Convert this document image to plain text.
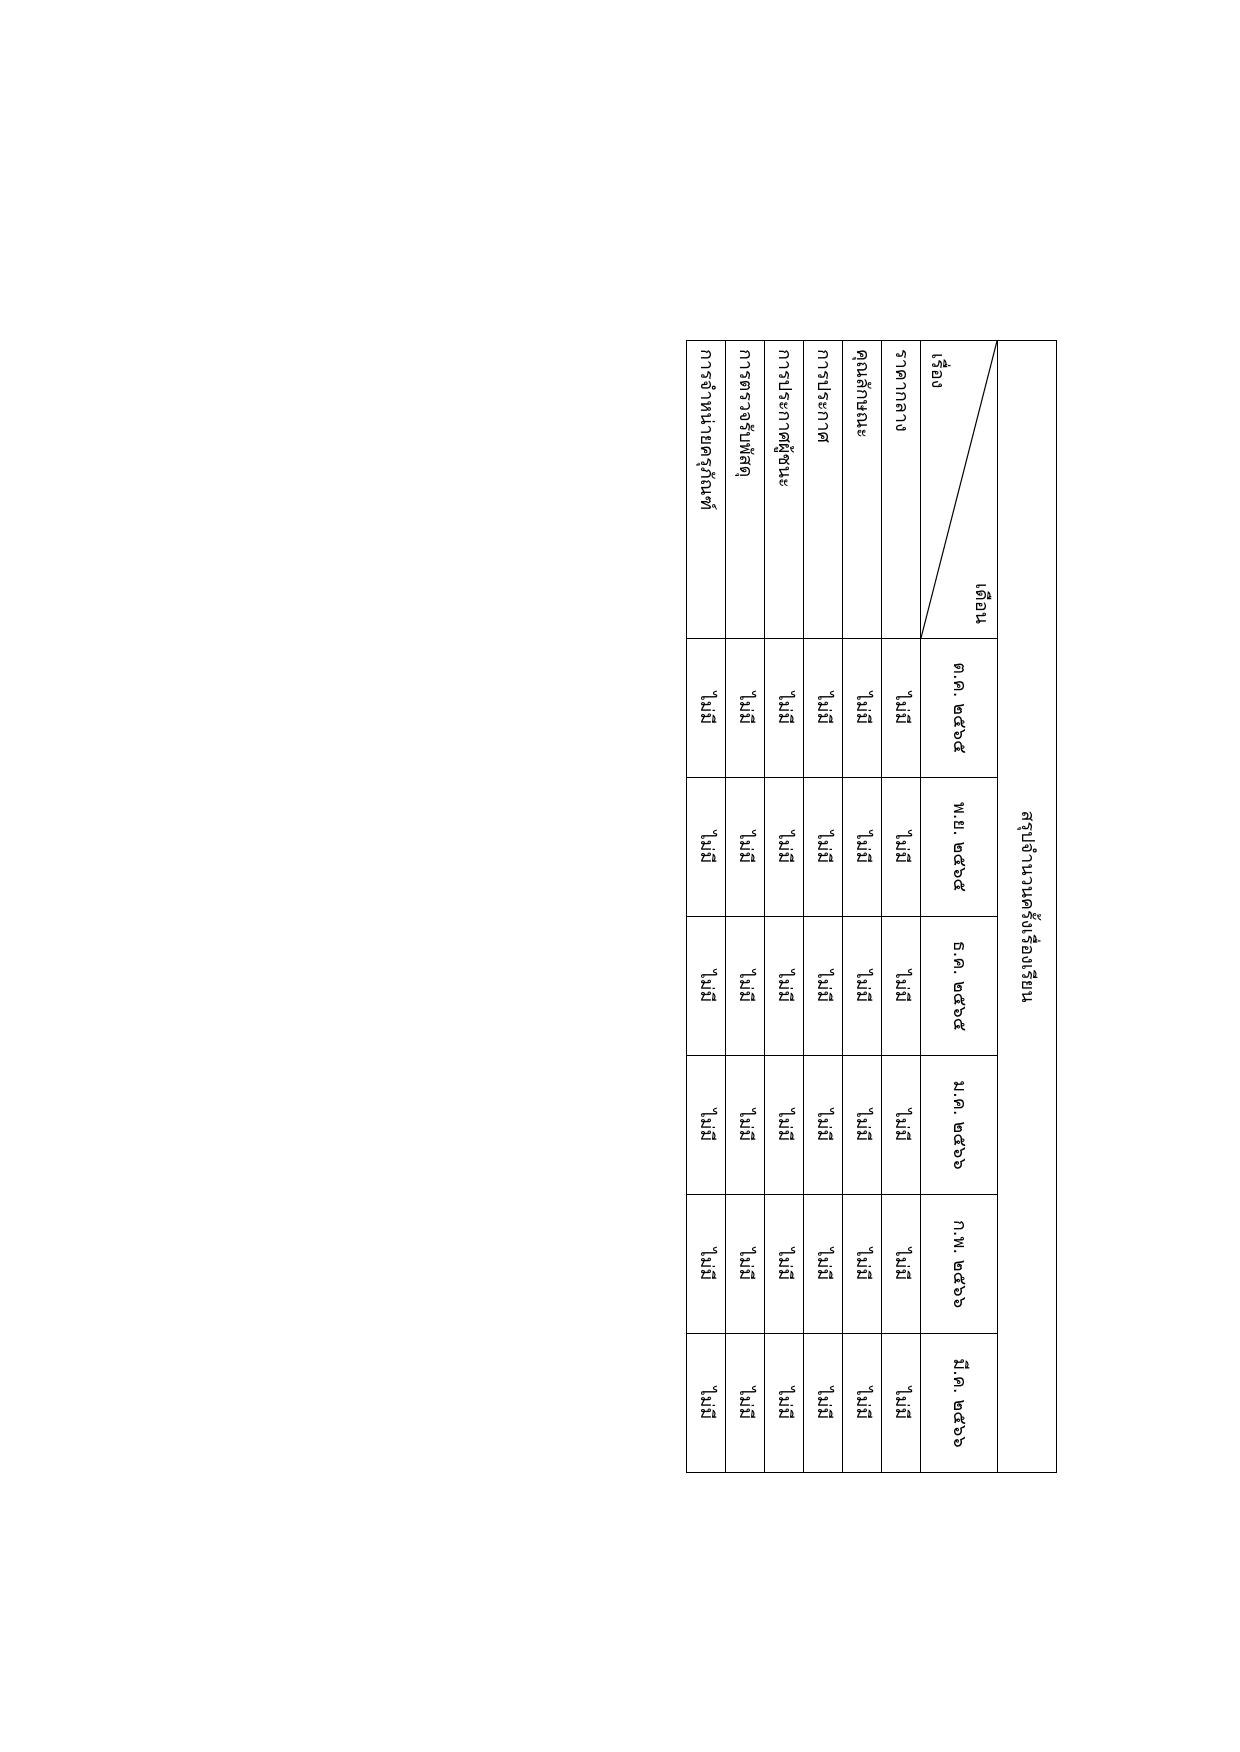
สรุปจำนวนครั้งเรื่องเรียน						

เดือน
เรื่อง	ต.ค. ๒๕๖๕	พ.ย. ๒๕๖๕	ธ.ค. ๒๕๖๕	ม.ค. ๒๕๖๖	ก.พ. ๒๕๖๖	มี.ค. ๒๕๖๖
ราคากลาง	ไม่มี	ไม่มี	ไม่มี	ไม่มี	ไม่มี	ไม่มี
คุณลักษณะ	ไม่มี	ไม่มี	ไม่มี	ไม่มี	ไม่มี	ไม่มี
การประกาศ	ไม่มี	ไม่มี	ไม่มี	ไม่มี	ไม่มี	ไม่มี
การประกาศผู้ชนะ	ไม่มี	ไม่มี	ไม่มี	ไม่มี	ไม่มี	ไม่มี
การตรวจรับพัสดุ	ไม่มี	ไม่มี	ไม่มี	ไม่มี	ไม่มี	ไม่มี
การจำหน่ายครุภัณฑ์	ไม่มี	ไม่มี	ไม่มี	ไม่มี	ไม่มี	ไม่มี
